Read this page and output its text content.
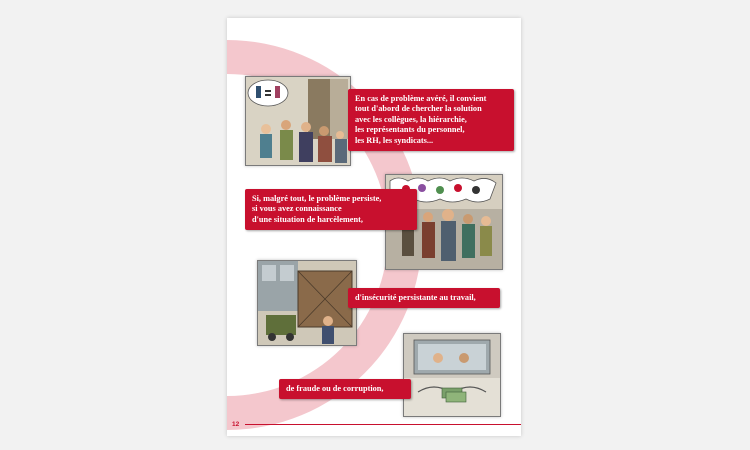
En cas de problème avéré, il convient
tout d'abord de chercher la solution
avec les collègues, la hiérarchie,
les représentants du personnel,
les RH, les syndicats...
Si, malgré tout, le problème persiste,
si vous avez connaissance
d'une situation de harcèlement,
d'insécurité persistante au travail,
de fraude ou de corruption,
12
